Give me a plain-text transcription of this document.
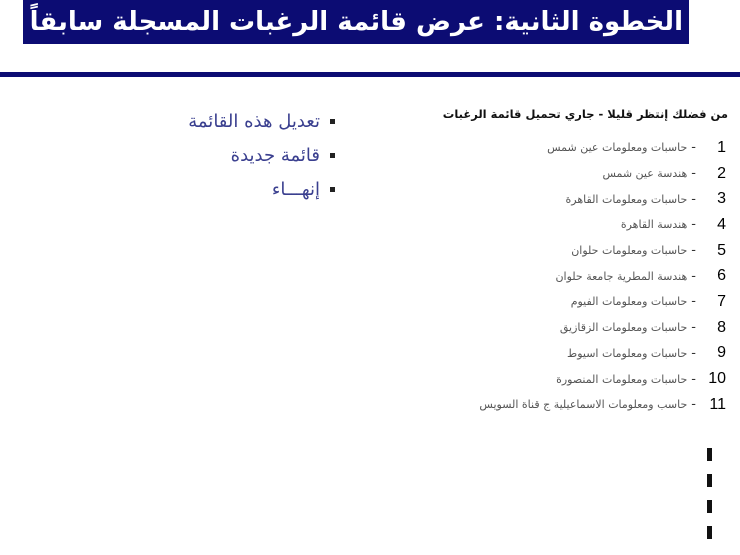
الخطوة الثانية: عرض قائمة الرغبات المسجلة سابقاً
من فضلك إنتظر قليلا - جاري تحميل قائمة الرغبات
1
-
حاسبات ومعلومات عين شمس
2
-
هندسة عين شمس
3
-
حاسبات ومعلومات القاهرة
4
-
هندسة القاهرة
5
-
حاسبات ومعلومات حلوان
6
-
هندسة المطرية جامعة حلوان
7
-
حاسبات ومعلومات الفيوم
8
-
حاسبات ومعلومات الزقازيق
9
-
حاسبات ومعلومات اسيوط
10
-
حاسبات ومعلومات المنصورة
11
-
حاسب ومعلومات الاسماعيلية ج قناة السويس
تعديل هذه القائمة
قائمة جديدة
إنهـــاء
